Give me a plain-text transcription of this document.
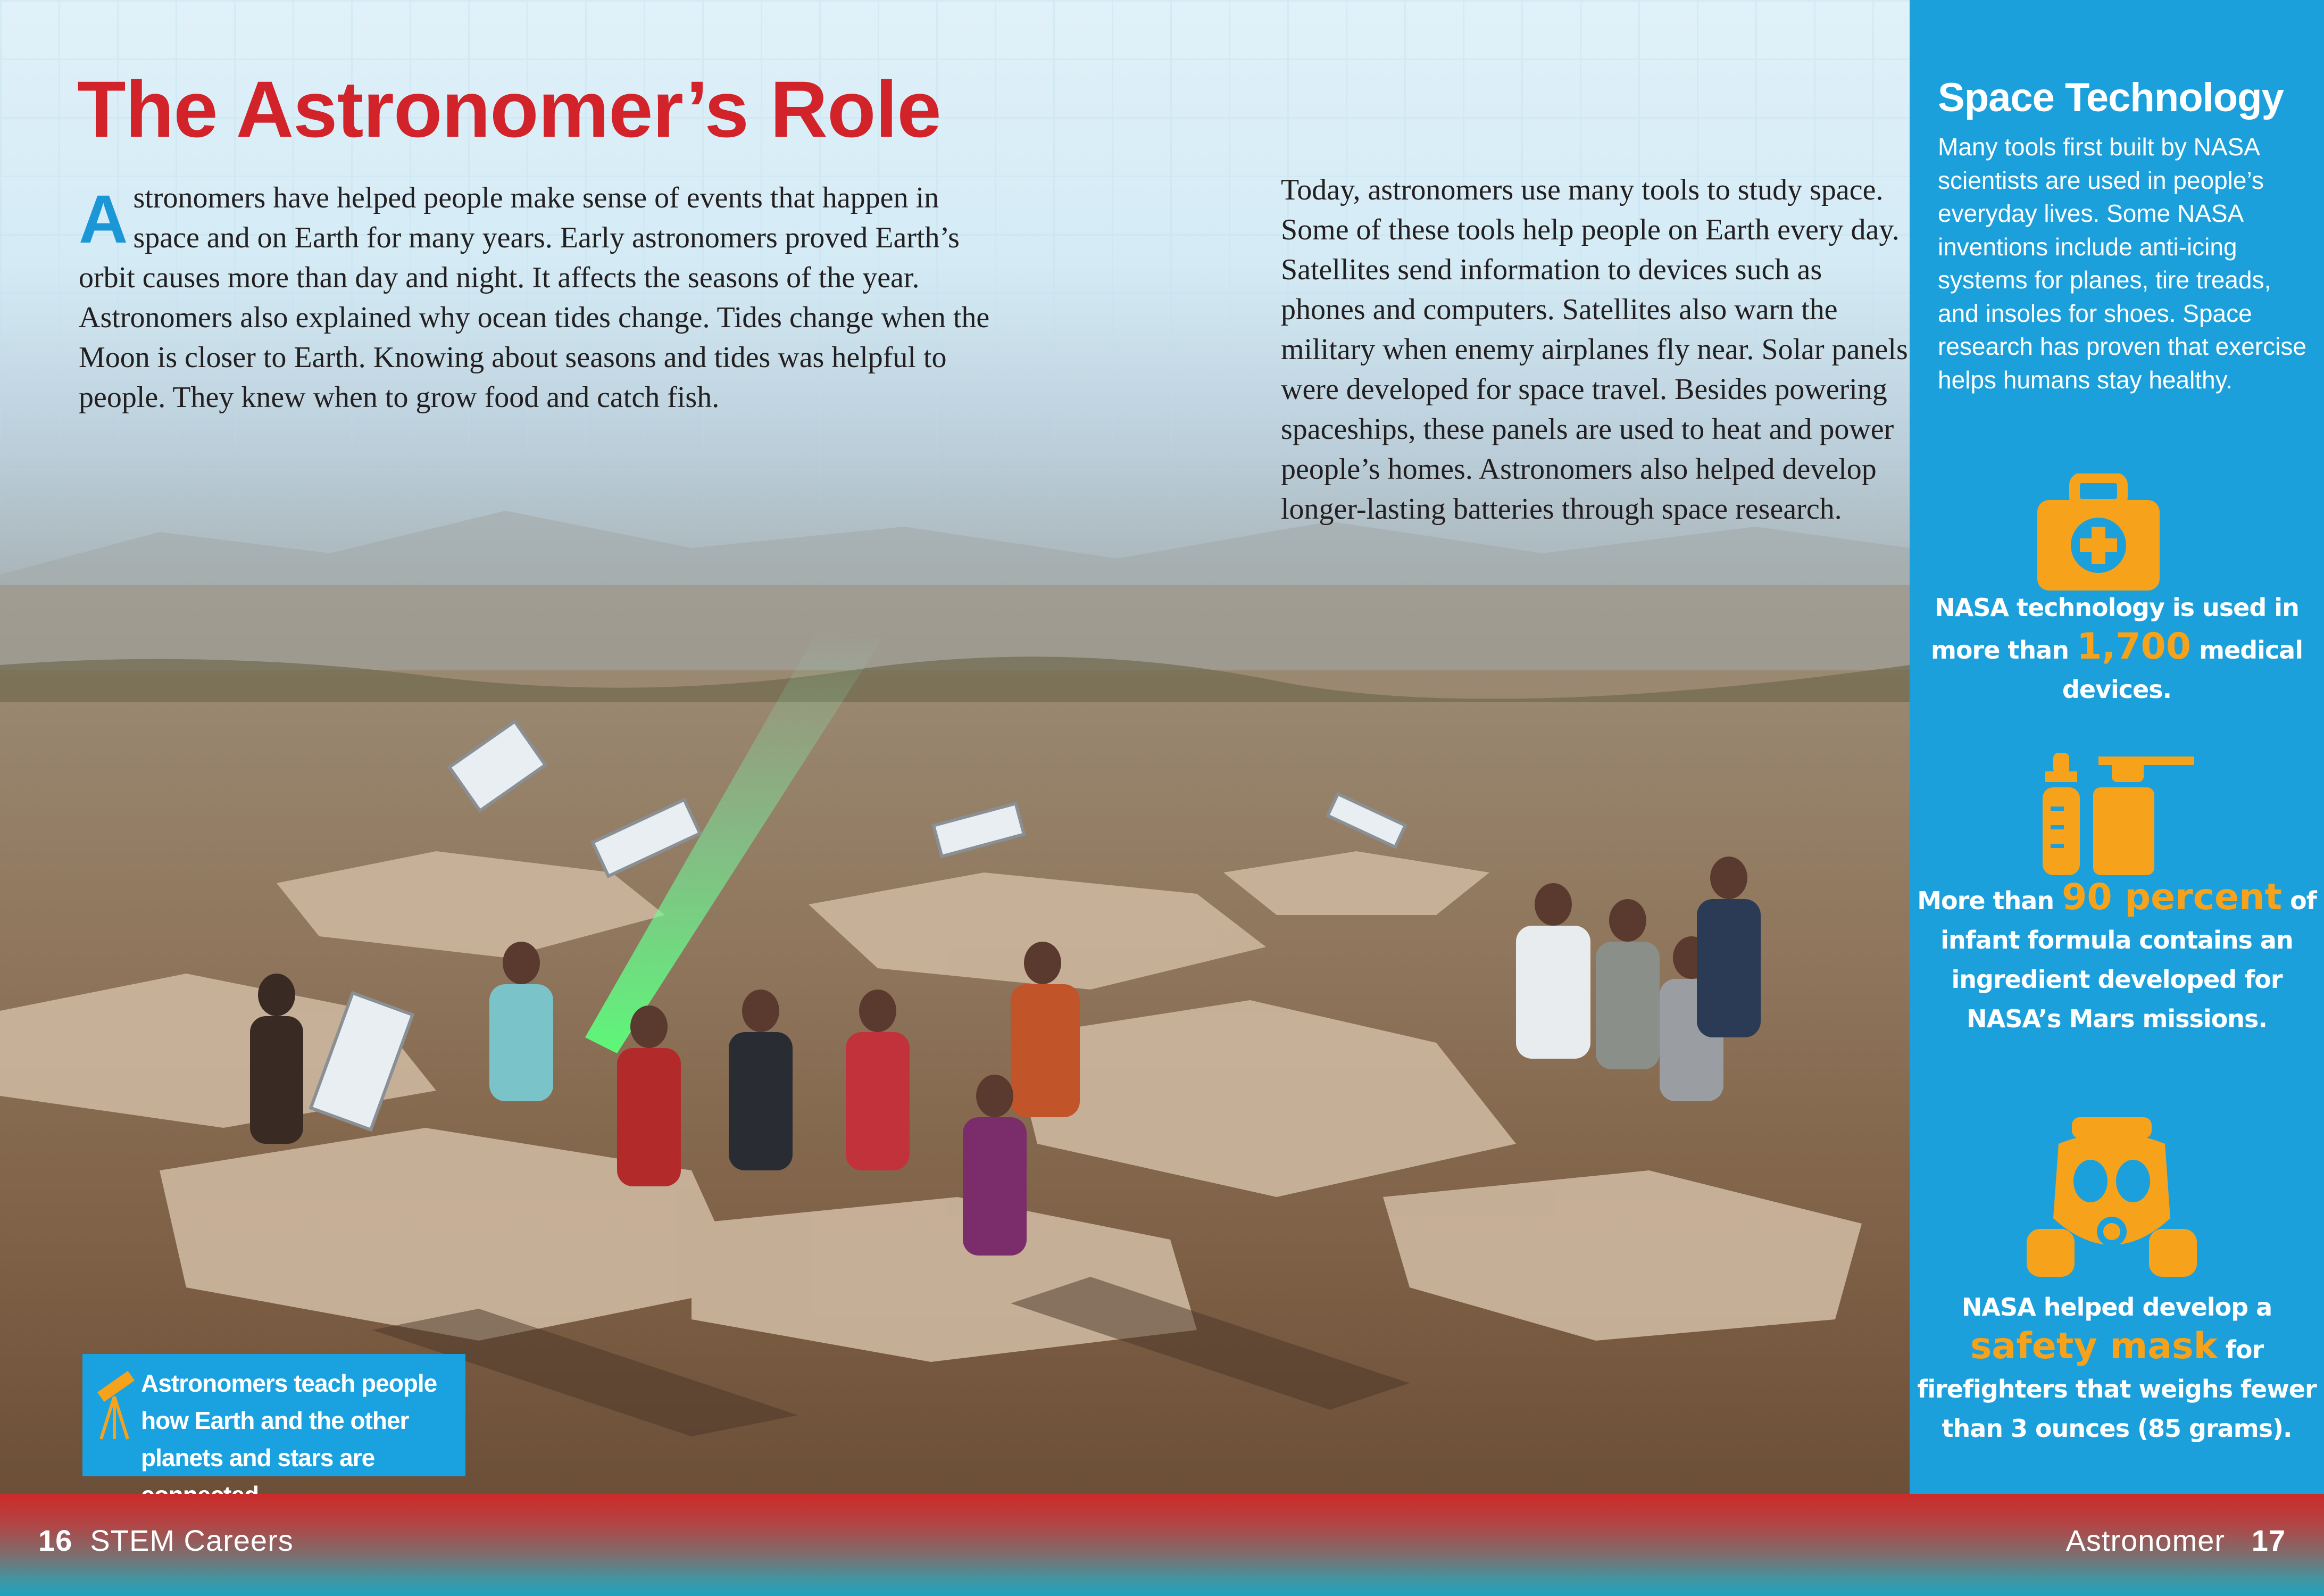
The Astronomer’s Role

Astronomers have helped people make sense of events that happen in space and on Earth for many years. Early astronomers proved Earth’s orbit causes more than day and night. It affects the seasons of the year. Astronomers also explained why ocean tides change. Tides change when the Moon is closer to Earth. Knowing about seasons and tides was helpful to people. They knew when to grow food and catch fish.

Today, astronomers use many tools to study space. Some of these tools help people on Earth every day. Satellites send information to devices such as phones and computers. Satellites also warn the military when enemy airplanes fly near. Solar panels were developed for space travel. Besides powering spaceships, these panels are used to heat and power people’s homes. Astronomers also helped develop longer-lasting batteries through space research.

Astronomers teach people how Earth and the other planets and stars are

Space Technology

Many tools first built by NASA scientists are used in people’s everyday lives. Some NASA inventions include anti-icing systems for planes, tire treads, and insoles for shoes. Space research has proven that exercise helps humans stay healthy.

NASA technology is used in more than 1,700 medical devices.

More than 90 percent of infant formula contains an ingredient developed for NASA’s Mars missions.

NASA helped develop a safety mask for firefighters that weighs fewer than 3 ounces (85 grams).

16 STEM Careers	Astronomer 17
